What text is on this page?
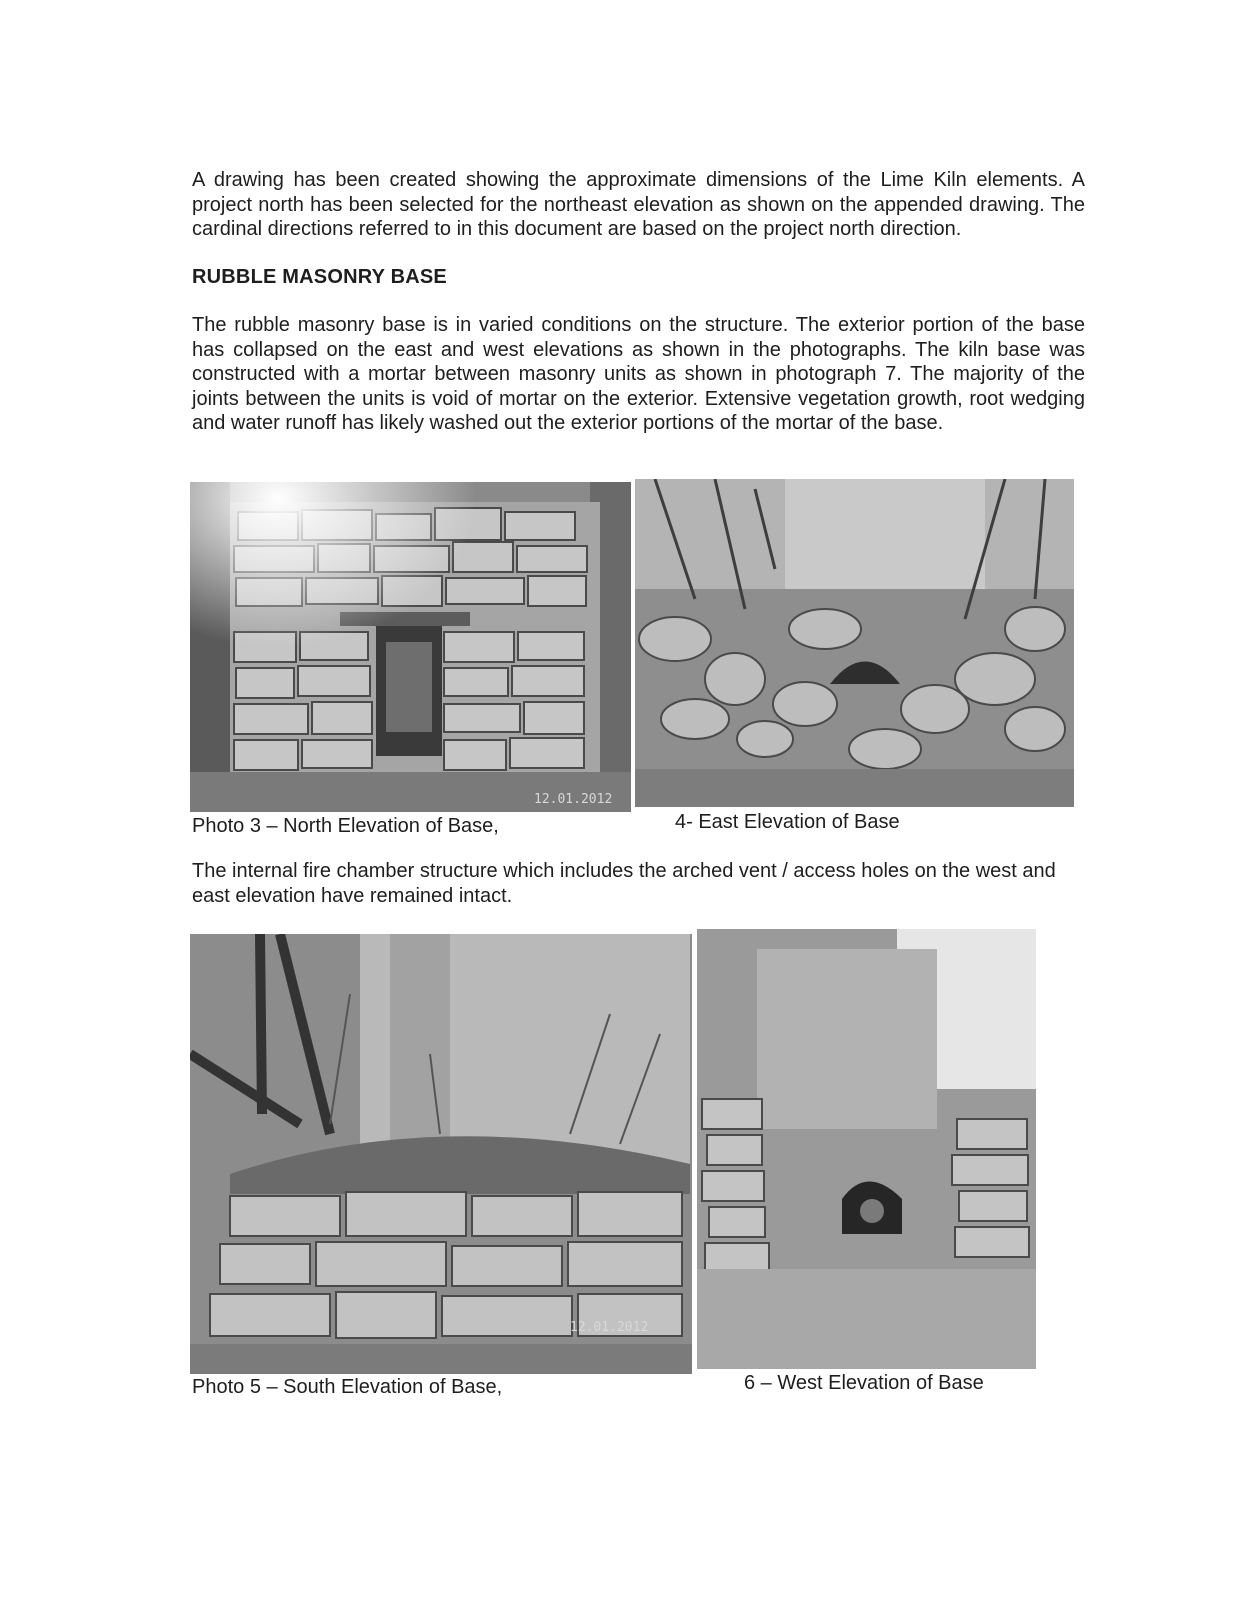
A drawing has been created showing the approximate dimensions of the Lime Kiln elements. A project north has been selected for the northeast elevation as shown on the appended drawing. The cardinal directions referred to in this document are based on the project north direction.

RUBBLE MASONRY BASE

The rubble masonry base is in varied conditions on the structure. The exterior portion of the base has collapsed on the east and west elevations as shown in the photographs. The kiln base was constructed with a mortar between masonry units as shown in photograph 7. The majority of the joints between the units is void of mortar on the exterior. Extensive vegetation growth, root wedging and water runoff has likely washed out the exterior portions of the mortar of the base.

12.01.2012
Photo 3 – North Elevation of Base,	4- East Elevation of Base

The internal fire chamber structure which includes the arched vent / access holes on the west and east elevation have remained intact.

12.01.2012
Photo 5 – South Elevation of Base,	6 – West Elevation of Base
